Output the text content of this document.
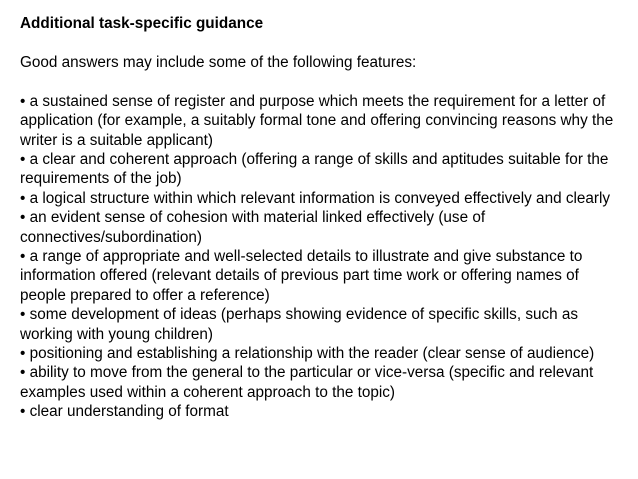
Additional task-specific guidance

Good answers may include some of the following features:

• a sustained sense of register and purpose which meets the requirement for a letter of application (for example, a suitably formal tone and offering convincing reasons why the writer is a suitable applicant)
• a clear and coherent approach (offering a range of skills and aptitudes suitable for the requirements of the job)
• a logical structure within which relevant information is conveyed effectively and clearly
• an evident sense of cohesion with material linked effectively (use of connectives/subordination)
• a range of appropriate and well-selected details to illustrate and give substance to information offered (relevant details of previous part time work or offering names of people prepared to offer a reference)
• some development of ideas (perhaps showing evidence of specific skills, such as working with young children)
• positioning and establishing a relationship with the reader (clear sense of audience)
• ability to move from the general to the particular or vice-versa (specific and relevant examples used within a coherent approach to the topic)
• clear understanding of format
